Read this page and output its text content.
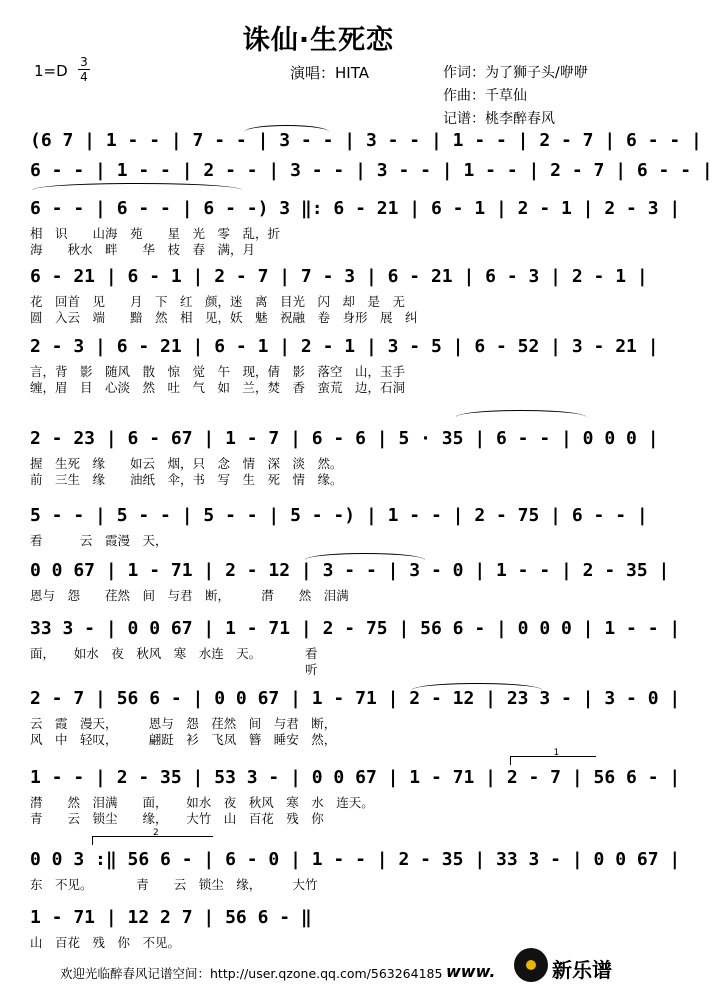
诛仙·生死恋
1=D 3
4	演唱：HITA	作词：为了狮子头/咿咿
作曲：千草仙
记谱：桃李醉春风
(6 7 | 1 - - | 7 - - | 3 - - | 3 - - | 1 - - | 2 - 7 | 6 - - |
6 - - | 1 - - | 2 - - | 3 - - | 3 - - | 1 - - | 2 - 7 | 6 - - |
6 - - | 6 - - | 6 - -) 3 ‖: 6 - 21 | 6 - 1 | 2 - 1 | 2 - 3 |
相　识　　山海　苑　　星　光　零　乱，折
海　　秋水　畔　　华　枝　春　满，月
6 - 21 | 6 - 1 | 2 - 7 | 7 - 3 | 6 - 21 | 6 - 3 | 2 - 1 |
花　回首　见　　月　下　红　颜，迷　离　目光　闪　却　是　无
圆　入云　端　　黯　然　相　见，妖　魅　祝融　卷　身形　展　纠
2 - 3 | 6 - 21 | 6 - 1 | 2 - 1 | 3 - 5 | 6 - 52 | 3 - 21 |
言，背　影　随风　散　惊　觉　午　现，倩　影　落空　山，玉手
缠，眉　目　心淡　然　吐　气　如　兰，焚　香　蛮荒　边，石洞
2 - 23 | 6 - 67 | 1 - 7 | 6 - 6 | 5 · 35 | 6 - - | 0 0 0 |
握　生死　缘　　如云　烟，只　念　情　深　淡　然。
前　三生　缘　　油纸　伞，书　写　生　死　情　缘。
5 - - | 5 - - | 5 - - | 5 - -) | 1 - - | 2 - 75 | 6 - - |
看　　　云　霞漫　天，
0 0 67 | 1 - 71 | 2 - 12 | 3 - - | 3 - 0 | 1 - - | 2 - 35 |
恩与　怨　　荏然　间　与君　断，　　　潸　　然　泪满
33 3 - | 0 0 67 | 1 - 71 | 2 - 75 | 56 6 - | 0 0 0 | 1 - - |
面，　　如水　夜　秋风　寒　水连　天。　　　　看
　　　　　　　　　　　　　　　　　　　　　　听
2 - 7 | 56 6 - | 0 0 67 | 1 - 71 | 2 - 12 | 23 3 - | 3 - 0 |
云　霞　漫天，　　　恩与　怨　荏然　间　与君　断，
风　中　轻叹，　　　翩跹　衫　飞凤　簪　睡安　然，
1 - - | 2 - 35 | 53 3 - | 0 0 67 | 1 - 71 | 2 - 7 | 56 6 - |
潸　　然　泪满　　面，　　如水　夜　秋风　寒　水　连天。
青　　云　锁尘　　缘，　　大竹　山　百花　残　你
0 0 3 :‖ 56 6 - | 6 - 0 | 1 - - | 2 - 35 | 33 3 - | 0 0 67 |
东　不见。　　　　青　　云　锁尘　缘，　　　大竹
1 - 71 | 12 2 7 | 56 6 - ‖
山　百花　残　你　不见。
1
2
欢迎光临醉春风记谱空间：http://user.qzone.qq.com/563264185 www.	新乐谱
